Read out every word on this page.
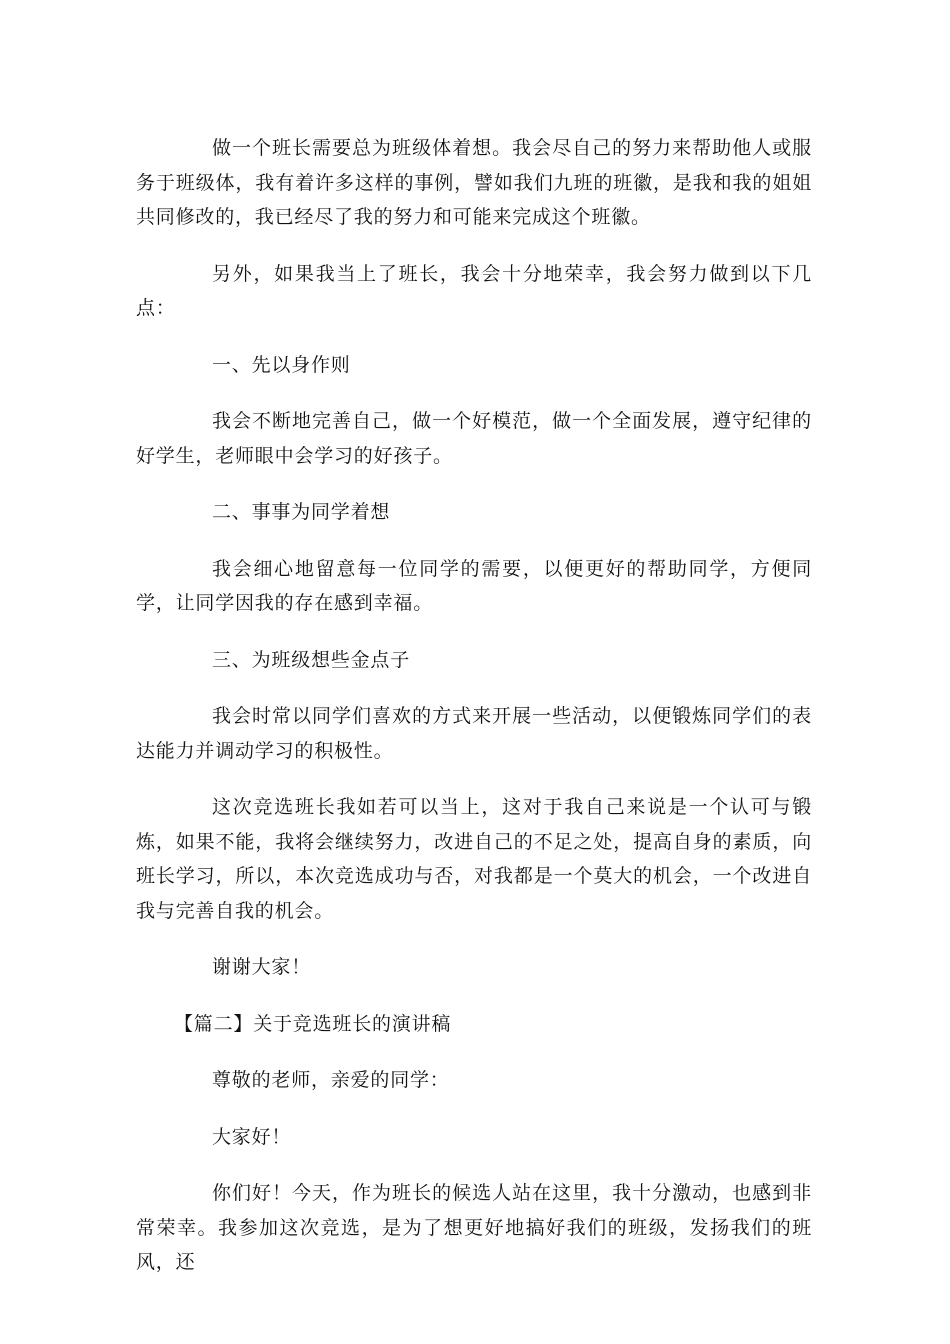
做一个班长需要总为班级体着想。我会尽自己的努力来帮助他人或服务于班级体，我有着许多这样的事例，譬如我们九班的班徽，是我和我的姐姐共同修改的，我已经尽了我的努力和可能来完成这个班徽。

另外，如果我当上了班长，我会十分地荣幸，我会努力做到以下几点：

一、先以身作则

我会不断地完善自己，做一个好模范，做一个全面发展，遵守纪律的好学生，老师眼中会学习的好孩子。

二、事事为同学着想

我会细心地留意每一位同学的需要，以便更好的帮助同学，方便同学，让同学因我的存在感到幸福。

三、为班级想些金点子

我会时常以同学们喜欢的方式来开展一些活动，以便锻炼同学们的表达能力并调动学习的积极性。

这次竞选班长我如若可以当上，这对于我自己来说是一个认可与锻炼，如果不能，我将会继续努力，改进自己的不足之处，提高自身的素质，向班长学习，所以，本次竞选成功与否，对我都是一个莫大的机会，一个改进自我与完善自我的机会。

谢谢大家！

【篇二】关于竞选班长的演讲稿

尊敬的老师，亲爱的同学：

大家好！

你们好！今天，作为班长的候选人站在这里，我十分激动，也感到非常荣幸。我参加这次竞选，是为了想更好地搞好我们的班级，发扬我们的班风，还
